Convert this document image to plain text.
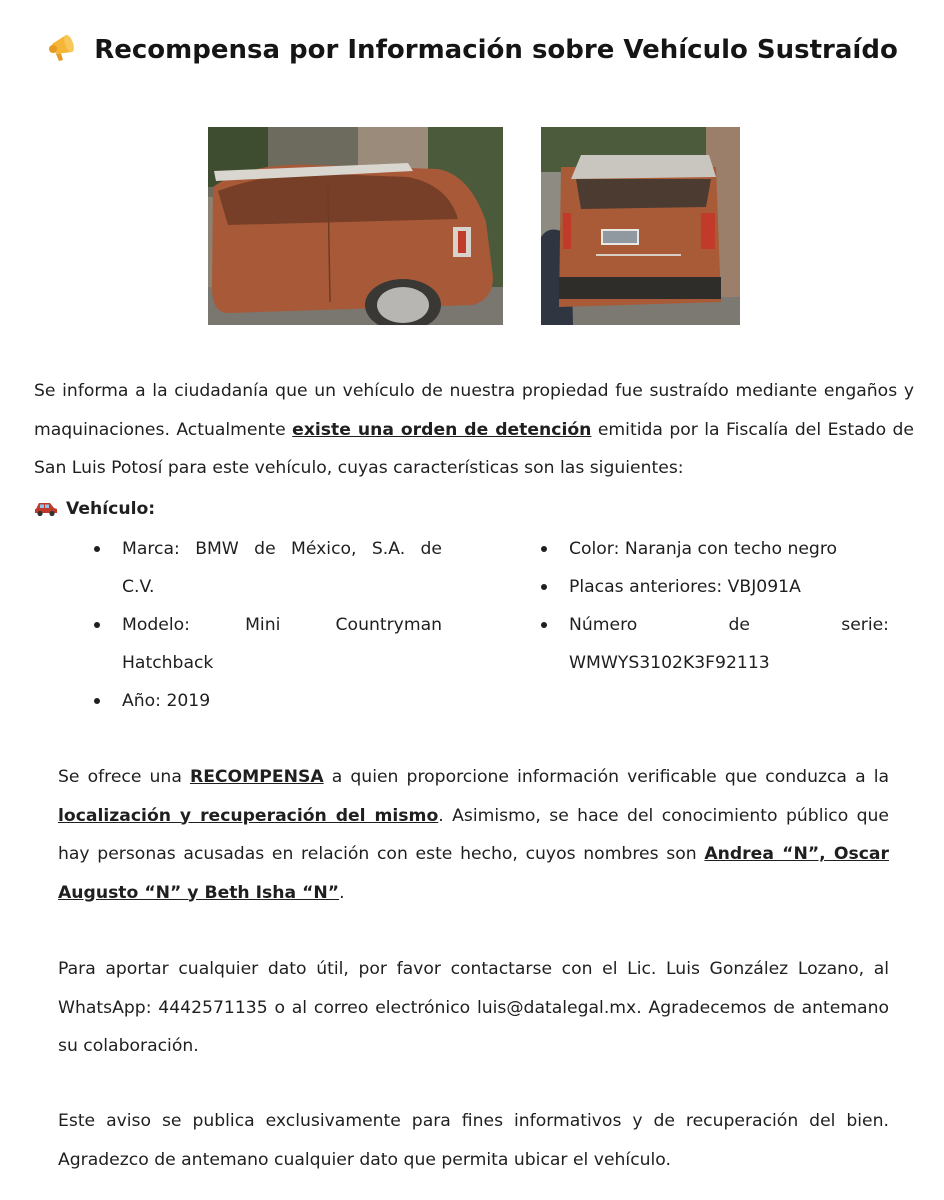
Recompensa por Información sobre Vehículo Sustraído
Se informa a la ciudadanía que un vehículo de nuestra propiedad fue sustraído mediante engaños y maquinaciones. Actualmente existe una orden de detención emitida por la Fiscalía del Estado de San Luis Potosí para este vehículo, cuyas características son las siguientes:
Vehículo:
Marca: BMW de México, S.A. de
C.V.
Modelo:	Mini	Countryman
Hatchback
Año: 2019
Color: Naranja con techo negro
Placas anteriores: VBJ091A
Número	de	serie:
WMWYS3102K3F92113
Se ofrece una RECOMPENSA a quien proporcione información verificable que conduzca a la localización y recuperación del mismo. Asimismo, se hace del conocimiento público que hay personas acusadas en relación con este hecho, cuyos nombres son Andrea “N”, Oscar Augusto “N” y Beth Isha “N”.
Para aportar cualquier dato útil, por favor contactarse con el Lic. Luis González Lozano, al WhatsApp: 4442571135 o al correo electrónico luis@datalegal.mx. Agradecemos de antemano su colaboración.
Este aviso se publica exclusivamente para fines informativos y de recuperación del bien. Agradezco de antemano cualquier dato que permita ubicar el vehículo.
